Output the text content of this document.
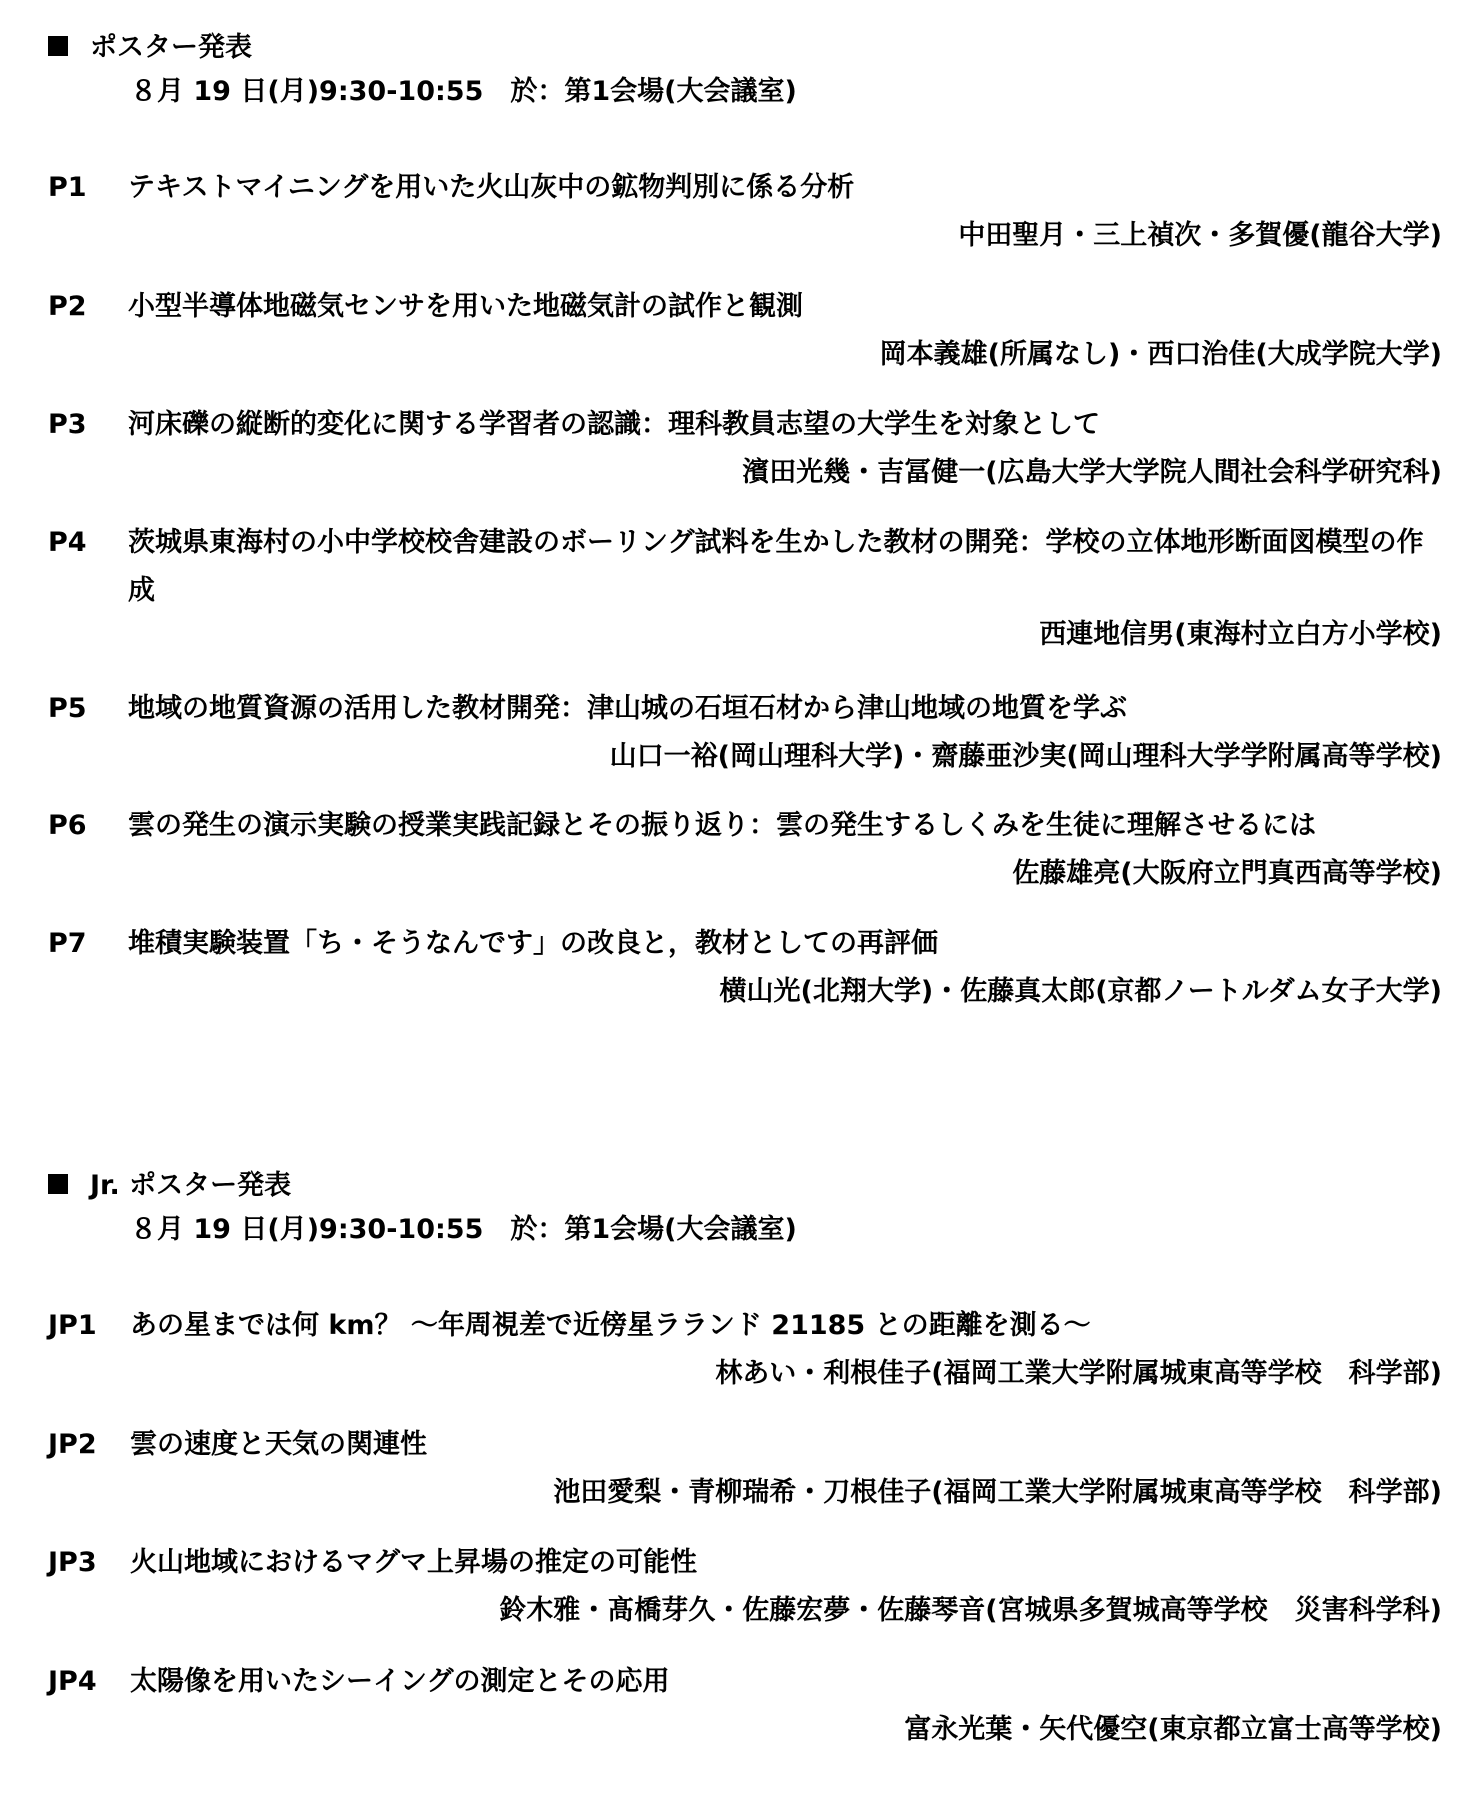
ポスター発表
８月 19 日(月)9:30-10:55　於：第1会場(大会議室)
P1 テキストマイニングを用いた火山灰中の鉱物判別に係る分析
中田聖月・三上禎次・多賀優(龍谷大学)
P2 小型半導体地磁気センサを用いた地磁気計の試作と観測
岡本義雄(所属なし)・西口治佳(大成学院大学)
P3 河床礫の縦断的変化に関する学習者の認識：理科教員志望の大学生を対象として
濱田光幾・吉冨健一(広島大学大学院人間社会科学研究科)
P4 茨城県東海村の小中学校校舎建設のボーリング試料を生かした教材の開発：学校の立体地形断面図模型の作成
西連地信男(東海村立白方小学校)
P5 地域の地質資源の活用した教材開発：津山城の石垣石材から津山地域の地質を学ぶ
山口一裕(岡山理科大学)・齋藤亜沙実(岡山理科大学学附属高等学校)
P6 雲の発生の演示実験の授業実践記録とその振り返り：雲の発生するしくみを生徒に理解させるには
佐藤雄亮(大阪府立門真西高等学校)
P7 堆積実験装置「ち・そうなんです」の改良と，教材としての再評価
横山光(北翔大学)・佐藤真太郎(京都ノートルダム女子大学)
Jr. ポスター発表
８月 19 日(月)9:30-10:55　於：第1会場(大会議室)
JP1 あの星までは何 km？ ～年周視差で近傍星ラランド 21185 との距離を測る～
林あい・利根佳子(福岡工業大学附属城東高等学校　科学部)
JP2 雲の速度と天気の関連性
池田愛梨・青柳瑞希・刀根佳子(福岡工業大学附属城東高等学校　科学部)
JP3 火山地域におけるマグマ上昇場の推定の可能性
鈴木雅・髙橋芽久・佐藤宏夢・佐藤琴音(宮城県多賀城高等学校　災害科学科)
JP4 太陽像を用いたシーイングの測定とその応用
富永光葉・矢代優空(東京都立富士高等学校)
